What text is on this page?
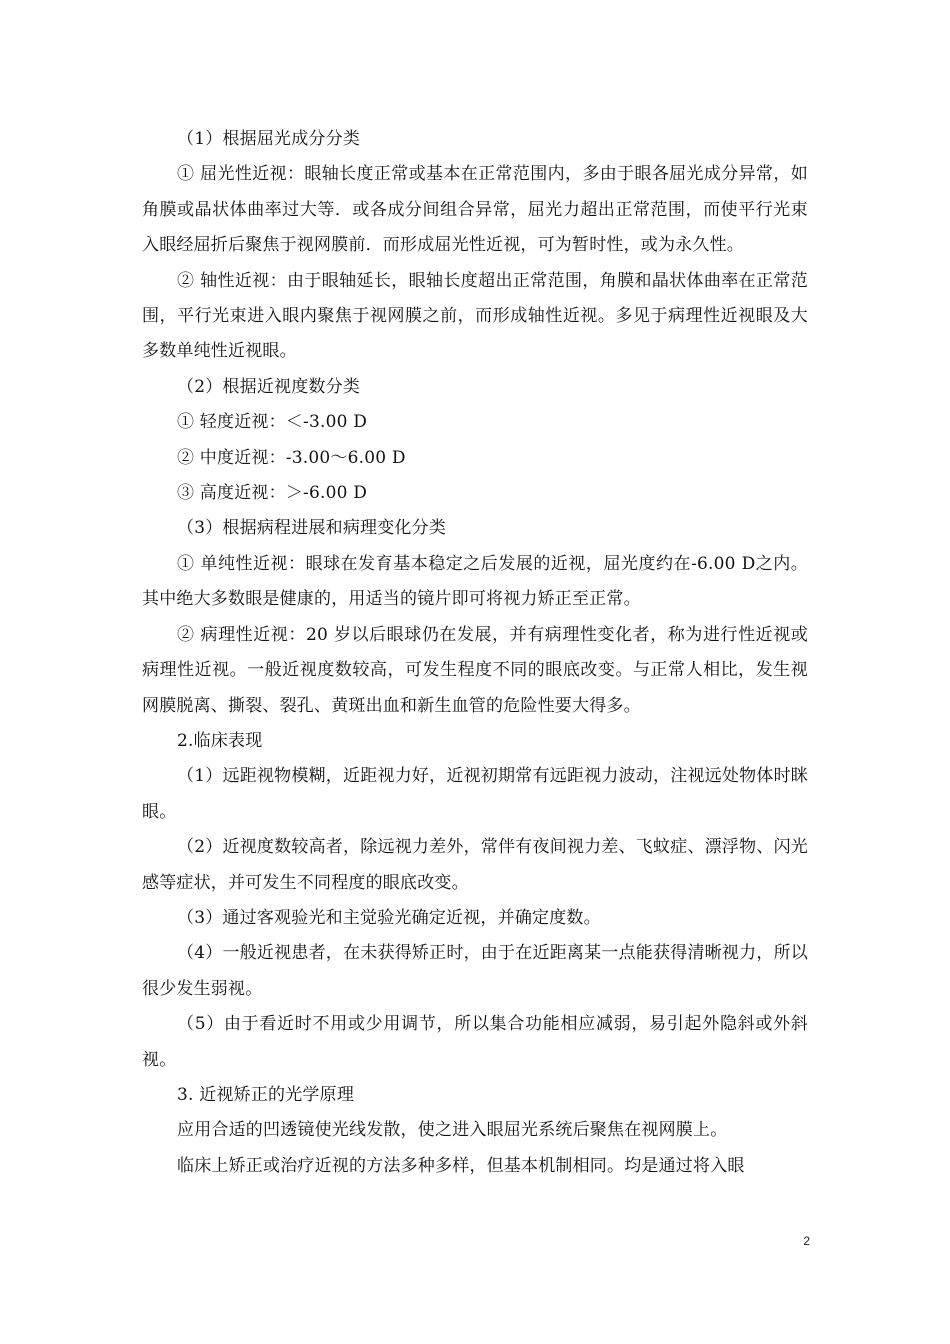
（1）根据屈光成分分类

① 屈光性近视：眼轴长度正常或基本在正常范围内，多由于眼各屈光成分异常，如角膜或晶状体曲率过大等．或各成分间组合异常，屈光力超出正常范围，而使平行光束入眼经屈折后聚焦于视网膜前．而形成屈光性近视，可为暂时性，或为永久性。

② 轴性近视：由于眼轴延长，眼轴长度超出正常范围，角膜和晶状体曲率在正常范围，平行光束进入眼内聚焦于视网膜之前，而形成轴性近视。多见于病理性近视眼及大多数单纯性近视眼。

（2）根据近视度数分类

① 轻度近视：＜-3.00 D

② 中度近视：-3.00～6.00 D

③ 高度近视：＞-6.00 D

（3）根据病程进展和病理变化分类

① 单纯性近视：眼球在发育基本稳定之后发展的近视，屈光度约在-6.00 D之内。其中绝大多数眼是健康的，用适当的镜片即可将视力矫正至正常。

② 病理性近视：20 岁以后眼球仍在发展，并有病理性变化者，称为进行性近视或病理性近视。一般近视度数较高，可发生程度不同的眼底改变。与正常人相比，发生视网膜脱离、撕裂、裂孔、黄斑出血和新生血管的危险性要大得多。

2.临床表现

（1）远距视物模糊，近距视力好，近视初期常有远距视力波动，注视远处物体时眯眼。

（2）近视度数较高者，除远视力差外，常伴有夜间视力差、飞蚊症、漂浮物、闪光感等症状，并可发生不同程度的眼底改变。

（3）通过客观验光和主觉验光确定近视，并确定度数。

（4）一般近视患者，在未获得矫正时，由于在近距离某一点能获得清晰视力，所以很少发生弱视。

（5）由于看近时不用或少用调节，所以集合功能相应减弱，易引起外隐斜或外斜视。

3. 近视矫正的光学原理

应用合适的凹透镜使光线发散，使之进入眼屈光系统后聚焦在视网膜上。

临床上矫正或治疗近视的方法多种多样，但基本机制相同。均是通过将入眼

2
